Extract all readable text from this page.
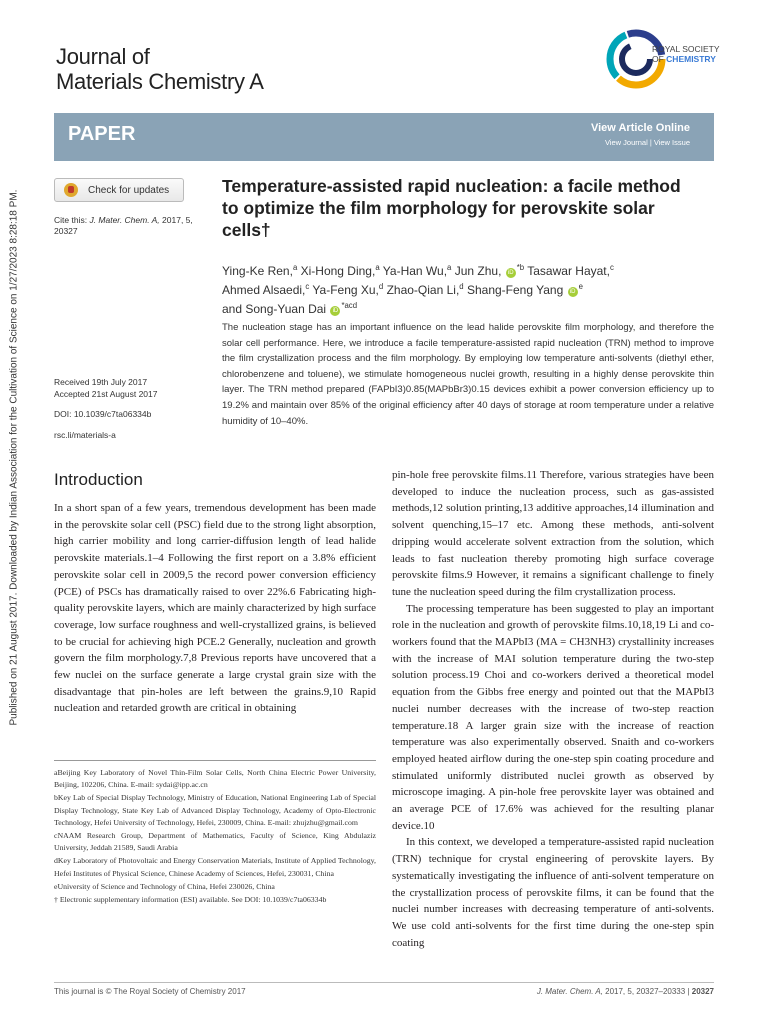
Published on 21 August 2017. Downloaded by Indian Association for the Cultivation of Science on 1/27/2023 8:28:18 PM.
Journal of
Materials Chemistry A
ROYAL SOCIETY
OF CHEMISTRY
PAPER	View Article Online
View Journal | View Issue
Check for updates
Cite this: J. Mater. Chem. A, 2017, 5, 20327
Received 19th July 2017
Accepted 21st August 2017
DOI: 10.1039/c7ta06334b
rsc.li/materials-a
Temperature-assisted rapid nucleation: a facile method to optimize the film morphology for perovskite solar cells†
Ying-Ke Ren,$^a$ Xi-Hong Ding,$^a$ Ya-Han Wu,$^a$ Jun Zhu, $iD^{*b}$ Tasawar Hayat,$^c$
Ahmed Alsaedi,$^c$ Ya-Feng Xu,$^d$ Zhao-Qian Li,$^d$ Shang-Feng Yang $iD^e$
and Song-Yuan Dai $iD^{*acd}$
The nucleation stage has an important influence on the lead halide perovskite film morphology, and therefore the solar cell performance. Here, we introduce a facile temperature-assisted rapid nucleation (TRN) method to improve the film crystallization process and the film morphology. By employing low temperature anti-solvents (diethyl ether, chlorobenzene and toluene), we stimulate homogeneous nuclei growth, resulting in a highly dense perovskite thin layer. The TRN method prepared (FAPbI3)0.85(MAPbBr3)0.15 devices exhibit a power conversion efficiency up to 19.2% and maintain over 85% of the original efficiency after 40 days of storage at room temperature under a relative humidity of 10–40%.
Introduction
In a short span of a few years, tremendous development has been made in the perovskite solar cell (PSC) field due to the strong light absorption, high carrier mobility and long carrier-diffusion length of lead halide perovskite materials.1–4 Following the first report on a 3.8% efficient perovskite solar cell in 2009,5 the record power conversion efficiency (PCE) of PSCs has dramatically raised to over 22%.6 Fabricating high-quality perovskite layers, which are mainly characterized by high surface coverage, low surface roughness and well-crystallized grains, is believed to be crucial for achieving high PCE.2 Generally, nucleation and growth govern the film morphology.7,8 Previous reports have uncovered that a few nuclei on the surface generate a large crystal grain size with the disadvantage that pin-holes are left between the grains.9,10 Rapid nucleation and retarded growth are critical in obtaining

pin-hole free perovskite films.11 Therefore, various strategies have been developed to induce the nucleation process, such as gas-assisted methods,12 solution printing,13 additive approaches,14 illumination and solvent quenching,15–17 etc. Among these methods, anti-solvent dripping would accelerate solvent extraction from the solution, which leads to fast nucleation thereby promoting high surface coverage perovskite films.9 However, it remains a significant challenge to finely tune the nucleation speed during the film crystallization process.

The processing temperature has been suggested to play an important role in the nucleation and growth of perovskite films.10,18,19 Li and co-workers found that the MAPbI3 (MA = CH3NH3) crystallinity increases with the increase of MAI solution temperature during the two-step solution process.19 Choi and co-workers derived a theoretical model equation from the Gibbs free energy and pointed out that the MAPbI3 nuclei number decreases with the increase of two-step reaction temperature.18 A larger grain size with the increase of reaction temperature was also experimentally observed. Snaith and co-workers employed heated airflow during the one-step spin coating procedure and stimulated uniformly distributed nuclei growth as observed by microscope imaging. A pin-hole free perovskite layer was obtained and an average PCE of 17.6% was achieved for the resulting planar device.10

In this context, we developed a temperature-assisted rapid nucleation (TRN) technique for crystal engineering of perovskite layers. By systematically investigating the influence of anti-solvent temperature on the crystallization process of perovskite films, it can be found that the nuclei number increases with decreasing temperature of anti-solvents. We use cold anti-solvents for the first time during the one-step spin coating

aBeijing Key Laboratory of Novel Thin-Film Solar Cells, North China Electric Power University, Beijing, 102206, China. E-mail: sydai@ipp.ac.cn

bKey Lab of Special Display Technology, Ministry of Education, National Engineering Lab of Special Display Technology, State Key Lab of Advanced Display Technology, Academy of Opto-Electronic Technology, Hefei University of Technology, Hefei, 230009, China. E-mail: zhujzhu@gmail.com

cNAAM Research Group, Department of Mathematics, Faculty of Science, King Abdulaziz University, Jeddah 21589, Saudi Arabia

dKey Laboratory of Photovoltaic and Energy Conservation Materials, Institute of Applied Technology, Hefei Institutes of Physical Science, Chinese Academy of Sciences, Hefei, 230031, China

eUniversity of Science and Technology of China, Hefei 230026, China

† Electronic supplementary information (ESI) available. See DOI: 10.1039/c7ta06334b

This journal is © The Royal Society of Chemistry 2017	J. Mater. Chem. A, 2017, 5, 20327–20333 | 20327
